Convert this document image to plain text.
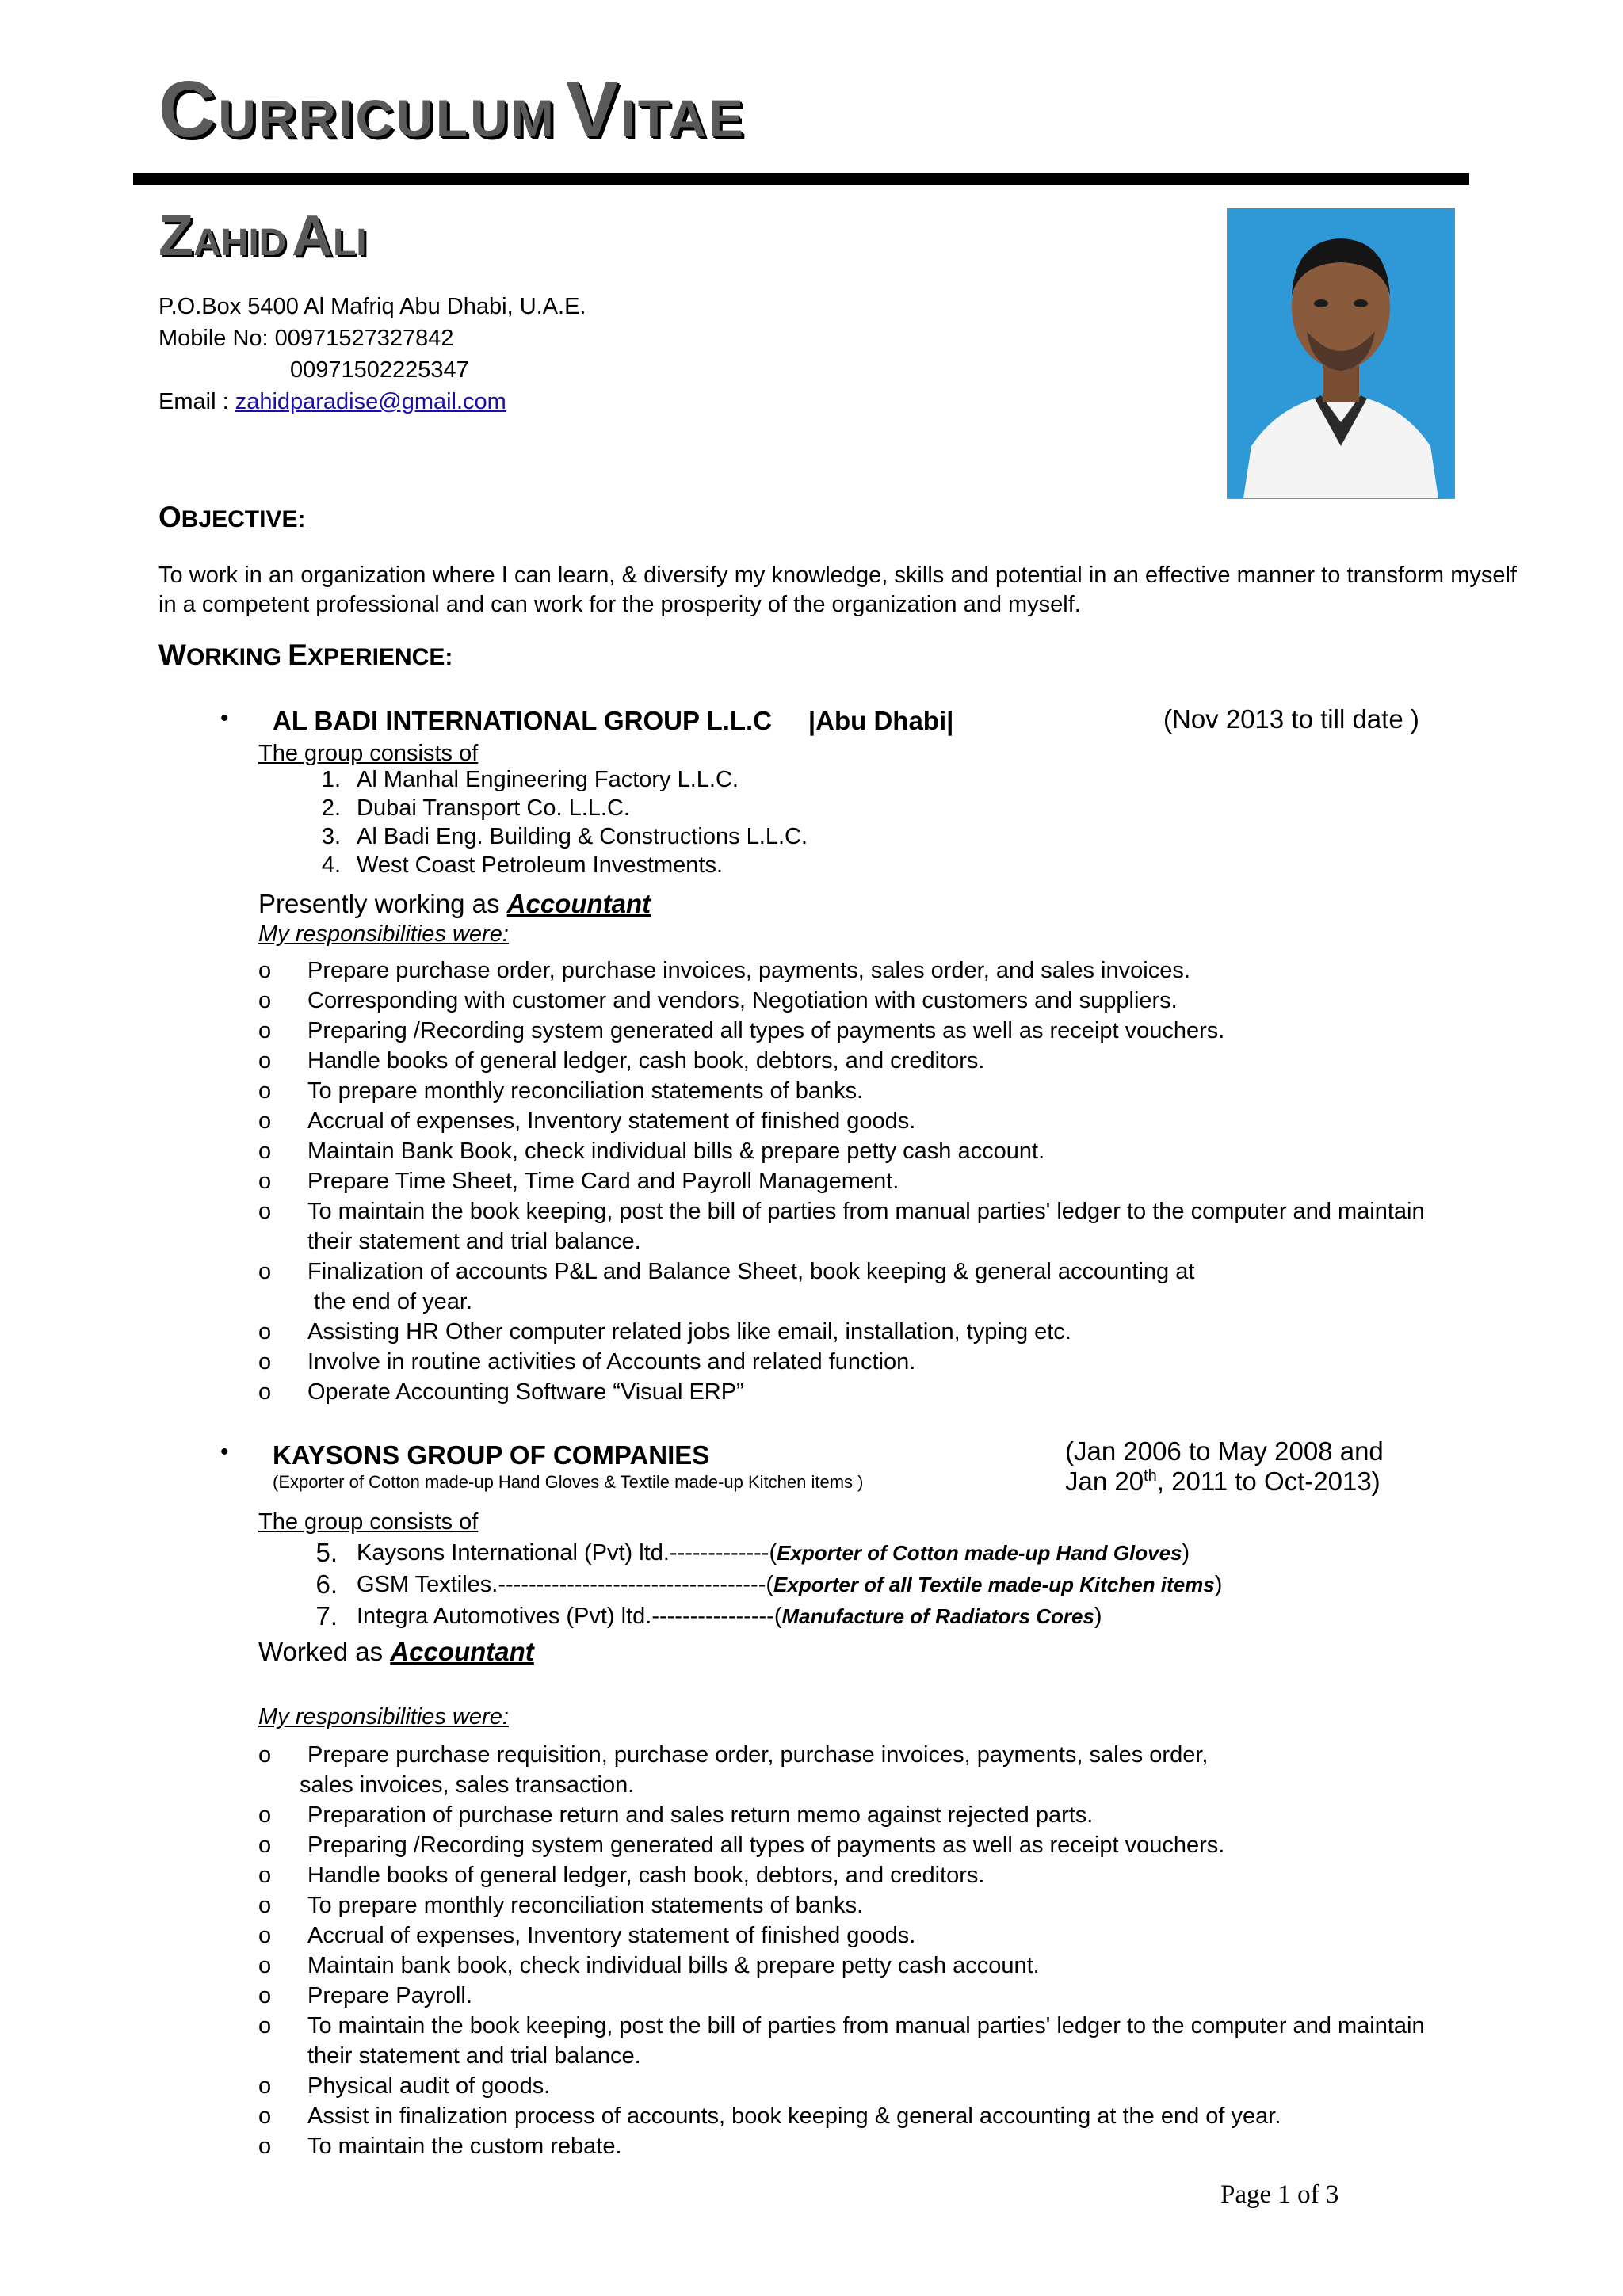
CURRICULUM VITAE
ZAHID ALI
P.O.Box 5400 Al Mafriq Abu Dhabi, U.A.E.
Mobile No: 00971527327842
00971502225347
Email : zahidparadise@gmail.com
OBJECTIVE:

To work in an organization where I can learn, & diversify my knowledge, skills and potential in an effective manner to transform myself in a competent professional and can work for the prosperity of the organization and myself.

WORKING EXPERIENCE:
• AL BADI INTERNATIONAL GROUP L.L.C     |Abu Dhabi|	(Nov 2013 to till date )
The group consists of
1. Al Manhal Engineering Factory L.L.C.
2. Dubai Transport Co. L.L.C.
3. Al Badi Eng. Building & Constructions L.L.C.
4. West Coast Petroleum Investments.
Presently working as Accountant
My responsibilities were:
o Prepare purchase order, purchase invoices, payments, sales order, and sales invoices.
o Corresponding with customer and vendors, Negotiation with customers and suppliers.
o Preparing /Recording system generated all types of payments as well as receipt vouchers.
o Handle books of general ledger, cash book, debtors, and creditors.
o To prepare monthly reconciliation statements of banks.
o Accrual of expenses, Inventory statement of finished goods.
o Maintain Bank Book, check individual bills & prepare petty cash account.
o Prepare Time Sheet, Time Card and Payroll Management.
o To maintain the book keeping, post the bill of parties from manual parties' ledger to the computer and maintain
their statement and trial balance.
o Finalization of accounts P&L and Balance Sheet, book keeping & general accounting at
the end of year.
o Assisting HR Other computer related jobs like email, installation, typing etc.
o Involve in routine activities of Accounts and related function.
o Operate Accounting Software “Visual ERP”
• KAYSONS GROUP OF COMPANIES
(Exporter of Cotton made-up Hand Gloves & Textile made-up Kitchen items )
(Jan 2006 to May 2008 and
Jan 20th, 2011 to Oct-2013)
The group consists of
5. Kaysons International (Pvt) ltd.-------------(Exporter of Cotton made-up Hand Gloves)
6. GSM Textiles.-----------------------------------(Exporter of all Textile made-up Kitchen items)
7. Integra Automotives (Pvt) ltd.----------------(Manufacture of Radiators Cores)
Worked as Accountant
My responsibilities were:
o Prepare purchase requisition, purchase order, purchase invoices, payments, sales order,
sales invoices, sales transaction.
o Preparation of purchase return and sales return memo against rejected parts.
o Preparing /Recording system generated all types of payments as well as receipt vouchers.
o Handle books of general ledger, cash book, debtors, and creditors.
o To prepare monthly reconciliation statements of banks.
o Accrual of expenses, Inventory statement of finished goods.
o Maintain bank book, check individual bills & prepare petty cash account.
o Prepare Payroll.
o To maintain the book keeping, post the bill of parties from manual parties' ledger to the computer and maintain
their statement and trial balance.
o Physical audit of goods.
o Assist in finalization process of accounts, book keeping & general accounting at the end of year.
o To maintain the custom rebate.
Page 1 of 3
